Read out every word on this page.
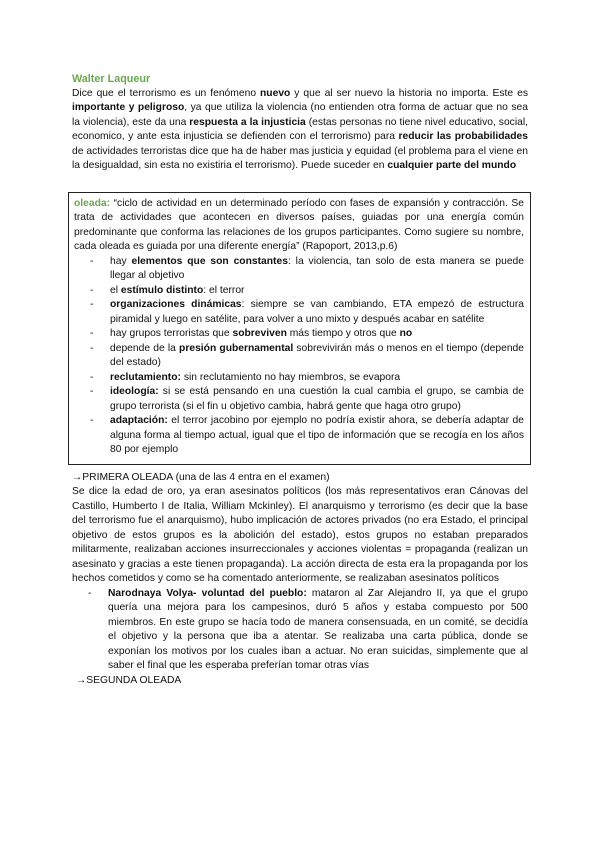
Walter Laqueur

Dice que el terrorismo es un fenómeno nuevo y que al ser nuevo la historia no importa. Este es importante y peligroso, ya que utiliza la violencia (no entienden otra forma de actuar que no sea la violencia), este da una respuesta a la injusticia (estas personas no tiene nivel educativo, social, economico, y ante esta injusticia se defienden con el terrorismo) para reducir las probabilidades de actividades terroristas dice que ha de haber mas justicia y equidad (el problema para el viene en la desigualdad, sin esta no existiria el terrorismo). Puede suceder en cualquier parte del mundo

oleada: “ciclo de actividad en un determinado período con fases de expansión y contracción. Se trata de actividades que acontecen en diversos países, guiadas por una energía común predominante que conforma las relaciones de los grupos participantes. Como sugiere su nombre, cada oleada es guiada por una diferente energía” (Rapoport, 2013,p.6)

- hay elementos que son constantes: la violencia, tan solo de esta manera se puede llegar al objetivo
- el estímulo distinto: el terror
- organizaciones dinámicas: siempre se van cambiando, ETA empezó de estructura piramidal y luego en satélite, para volver a uno mixto y después acabar en satélite
- hay grupos terroristas que sobreviven más tiempo y otros que no
- depende de la presión gubernamental sobrevivirán más o menos en el tiempo (depende del estado)
- reclutamiento: sin reclutamiento no hay miembros, se evapora
- ideología: si se está pensando en una cuestión la cual cambia el grupo, se cambia de grupo terrorista (si el fin u objetivo cambia, habrá gente que haga otro grupo)
- adaptación: el terror jacobino por ejemplo no podría existir ahora, se debería adaptar de alguna forma al tiempo actual, igual que el tipo de información que se recogía en los años 80 por ejemplo
→PRIMERA OLEADA (una de las 4 entra en el examen)

Se dice la edad de oro, ya eran asesinatos políticos (los más representativos eran Cánovas del Castillo, Humberto I de Italia, William Mckinley). El anarquismo y terrorismo (es decir que la base del terrorismo fue el anarquismo), hubo implicación de actores privados (no era Estado, el principal objetivo de estos grupos es la abolición del estado), estos grupos no estaban preparados militarmente, realizaban acciones insurreccionales y acciones violentas = propaganda (realizan un asesinato y gracias a este tienen propaganda). La acción directa de esta era la propaganda por los hechos cometidos y como se ha comentado anteriormente, se realizaban asesinatos políticos

- Narodnaya Volya- voluntad del pueblo: mataron al Zar Alejandro II, ya que el grupo quería una mejora para los campesinos, duró 5 años y estaba compuesto por 500 miembros. En este grupo se hacía todo de manera consensuada, en un comité, se decidía el objetivo y la persona que iba a atentar. Se realizaba una carta pública, donde se exponían los motivos por los cuales iban a actuar. No eran suicidas, simplemente que al saber el final que les esperaba preferían tomar otras vías
→SEGUNDA OLEADA
